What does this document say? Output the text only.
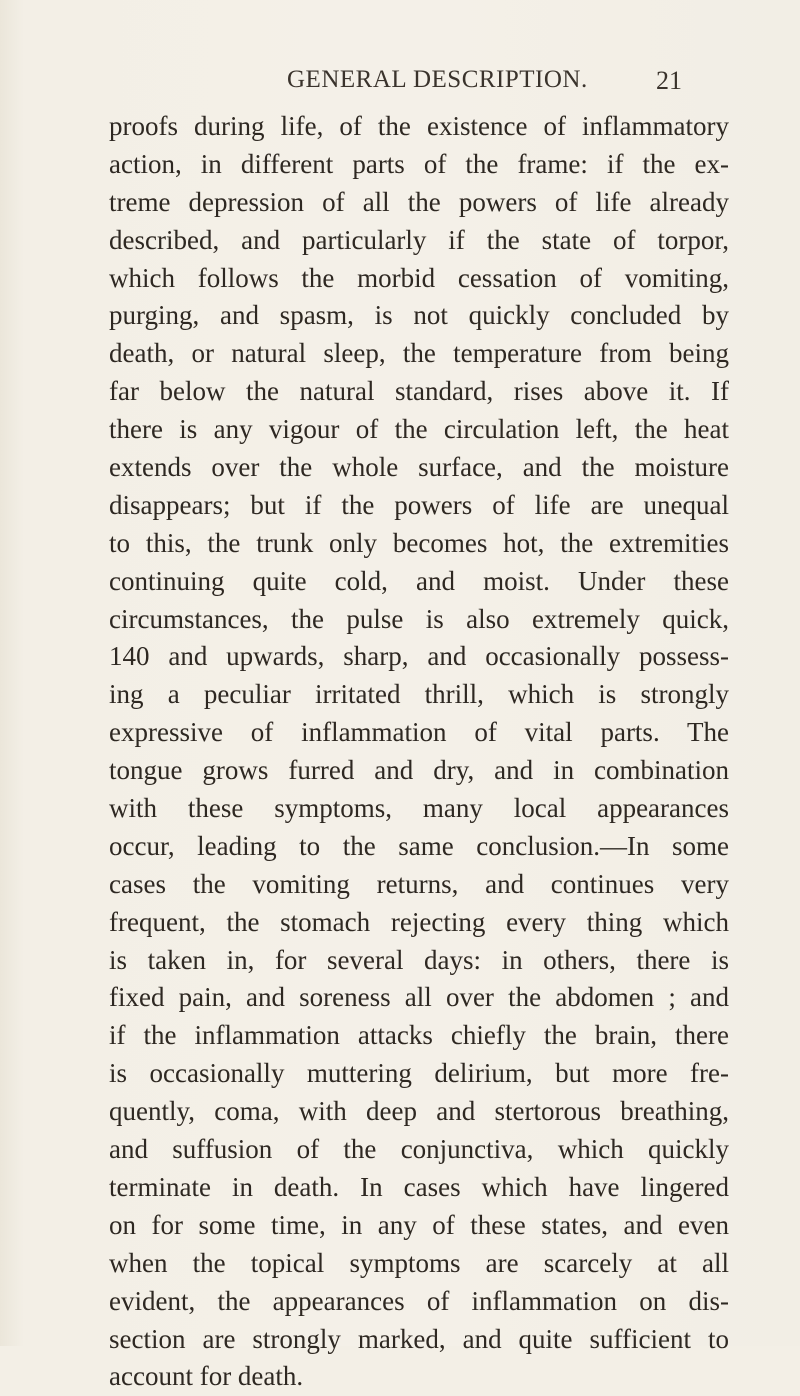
GENERAL DESCRIPTION.	21
proofs during life, of the existence of inflammatory
action, in different parts of the frame: if the ex-
treme depression of all the powers of life already
described, and particularly if the state of torpor,
which follows the morbid cessation of vomiting,
purging, and spasm, is not quickly concluded by
death, or natural sleep, the temperature from being
far below the natural standard, rises above it. If
there is any vigour of the circulation left, the heat
extends over the whole surface, and the moisture
disappears; but if the powers of life are unequal
to this, the trunk only becomes hot, the extremities
continuing quite cold, and moist. Under these
circumstances, the pulse is also extremely quick,
140 and upwards, sharp, and occasionally possess-
ing a peculiar irritated thrill, which is strongly
expressive of inflammation of vital parts. The
tongue grows furred and dry, and in combination
with these symptoms, many local appearances
occur, leading to the same conclusion.—In some
cases the vomiting returns, and continues very
frequent, the stomach rejecting every thing which
is taken in, for several days: in others, there is
fixed pain, and soreness all over the abdomen ; and
if the inflammation attacks chiefly the brain, there
is occasionally muttering delirium, but more fre-
quently, coma, with deep and stertorous breathing,
and suffusion of the conjunctiva, which quickly
terminate in death. In cases which have lingered
on for some time, in any of these states, and even
when the topical symptoms are scarcely at all
evident, the appearances of inflammation on dis-
section are strongly marked, and quite sufficient to
account for death.
